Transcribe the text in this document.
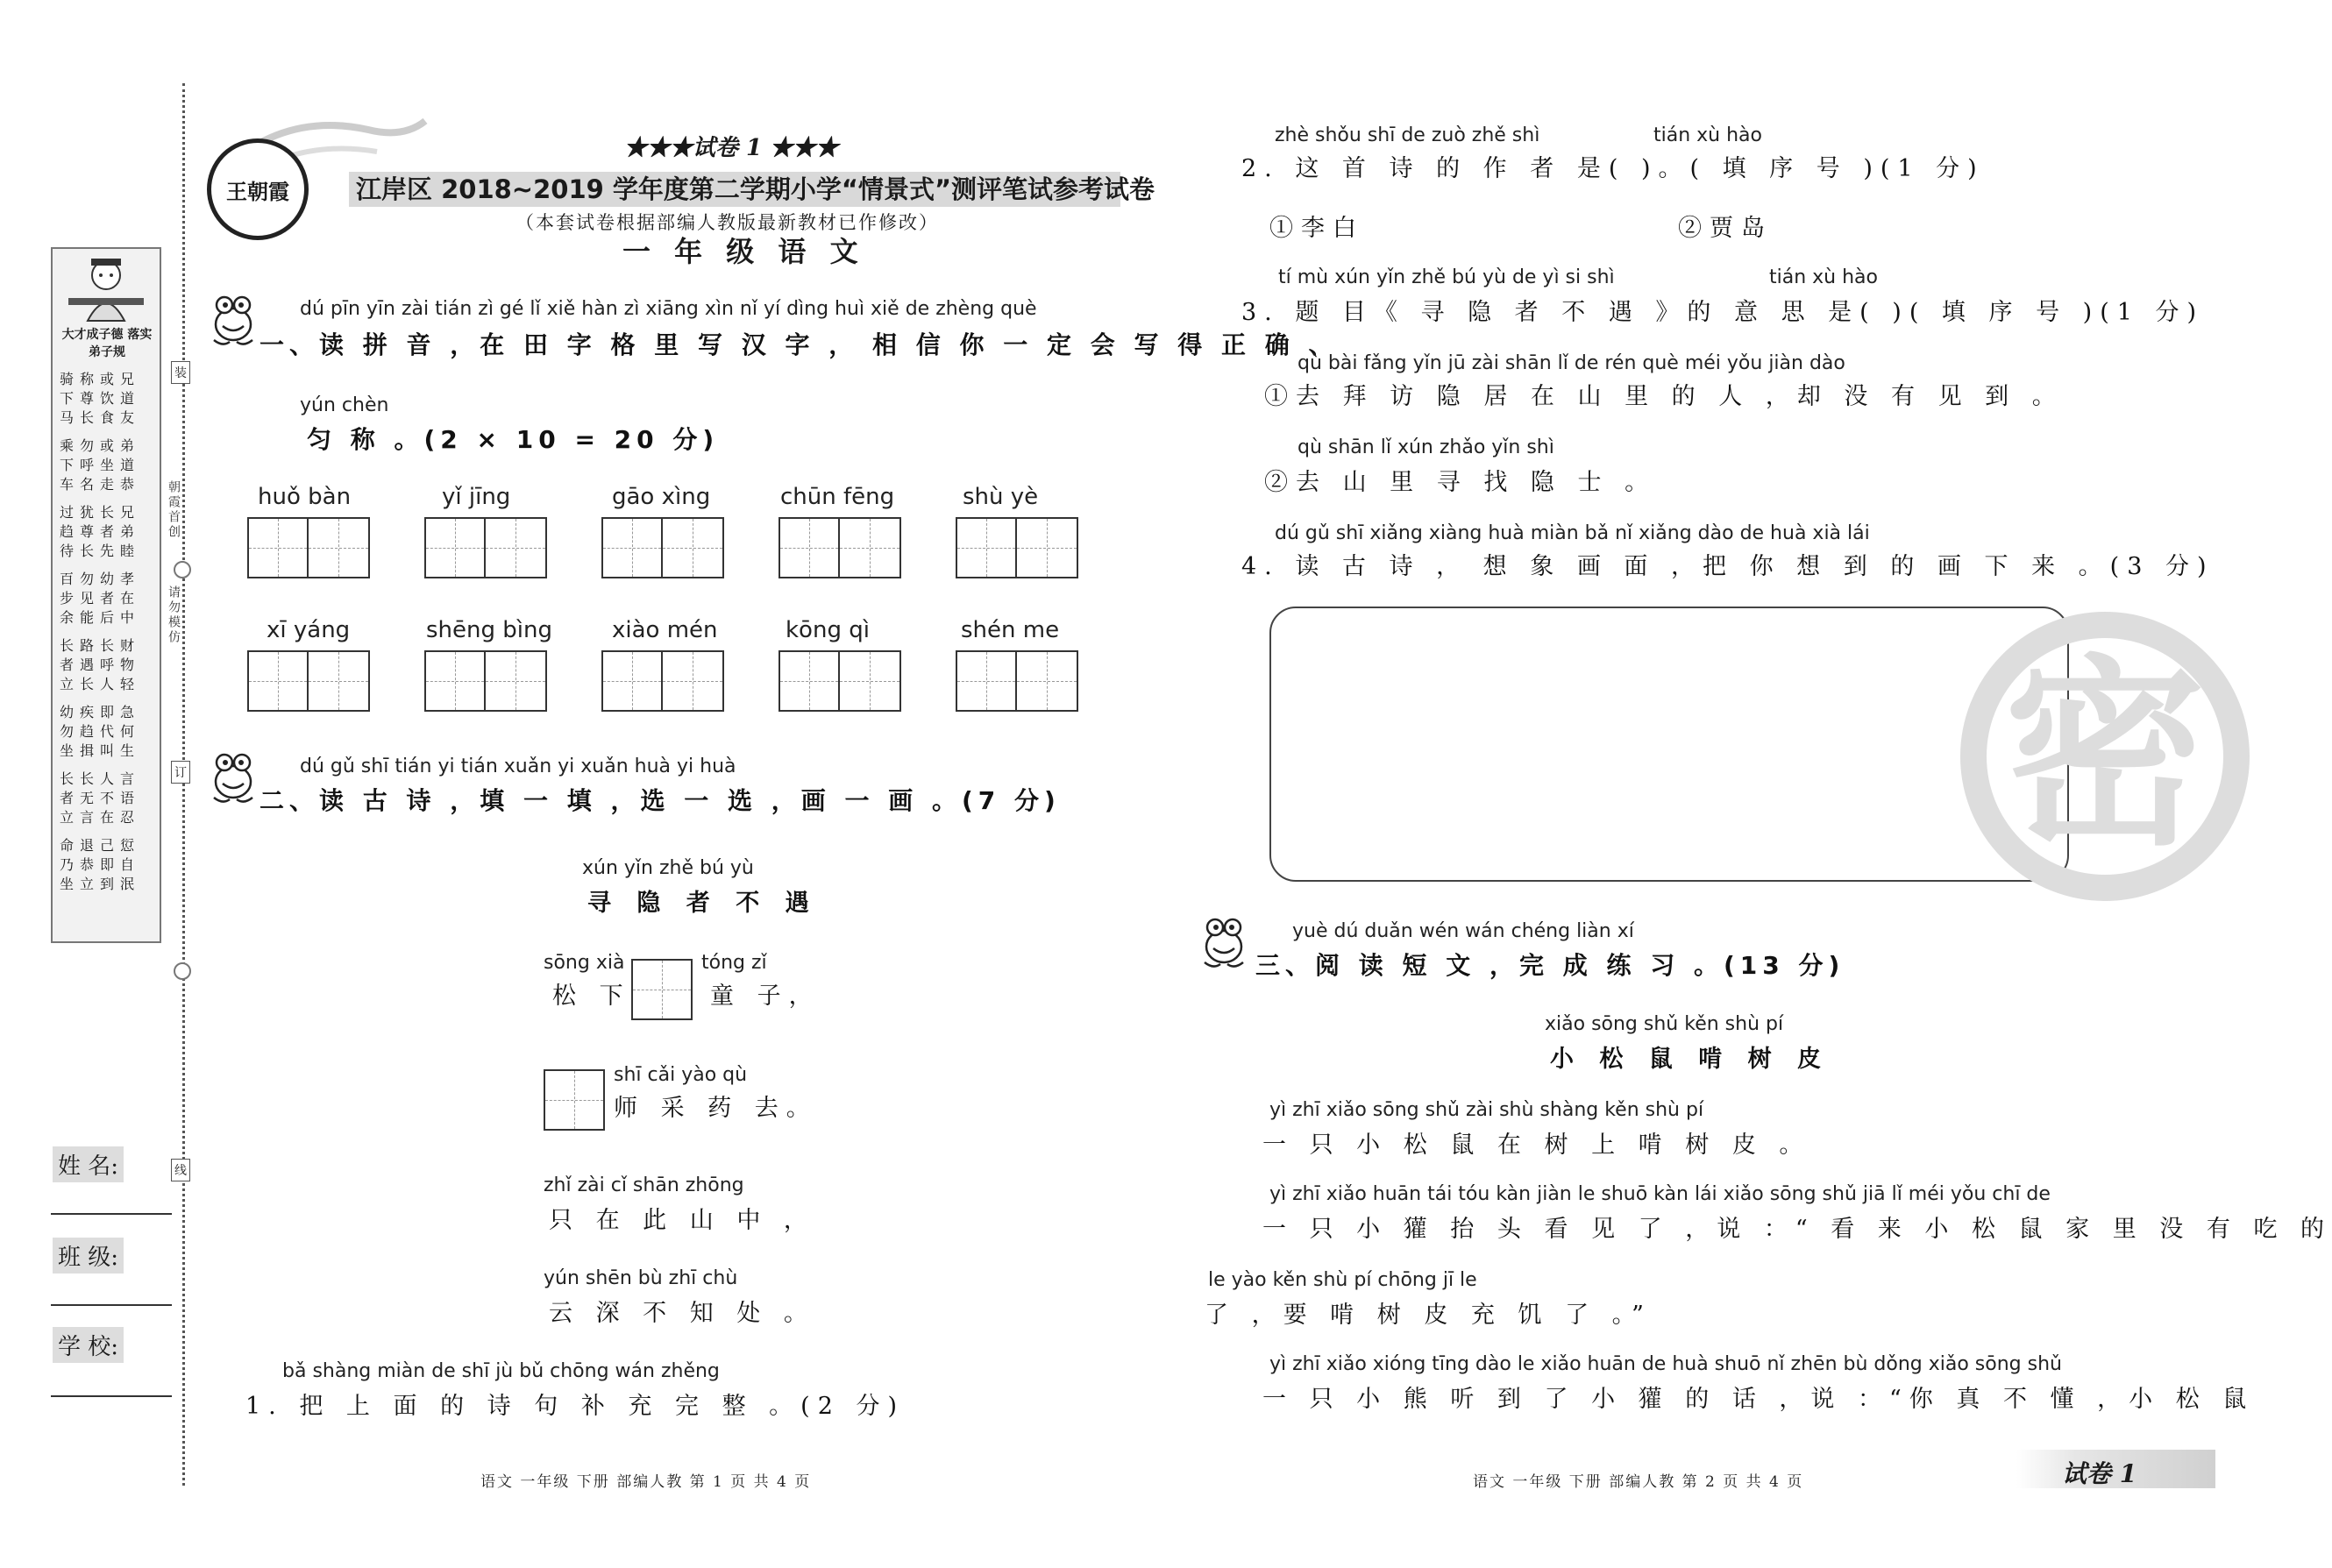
装
订
线
朝霞首创
请勿模仿
大才成子德 落实弟子规
骑称或兄
下尊饮道
马长食友
乘勿或弟
下呼坐道
车名走恭
过犹长兄
趋尊者弟
待长先睦
百勿幼孝
步见者在
余能后中
长路长财
者遇呼物
立长人轻
幼疾即急
勿趋代何
坐揖叫生
长长人言
者无不语
立言在忍
命退己愆
乃恭即自
坐立到泯
姓 名:
班 级:
学 校:
王朝霞
★★★试卷 1 ★★★
江岸区 2018~2019 学年度第二学期小学“情景式”测评笔试参考试卷
（本套试卷根据部编人教版最新教材已作修改）
一 年 级 语 文
dú pīn yīn zài tián zì gé lǐ xiě hàn zì xiāng xìn nǐ yí dìng huì xiě de zhèng què
一、读 拼 音 ，在 田 字 格 里 写 汉 字 ， 相 信 你 一 定 会 写 得 正 确 、
yún chèn
匀 称 。(2 × 10 = 20 分)
huǒ bàn	yǐ jīng	gāo xìng	chūn fēng	shù yè
xī yáng	shēng bìng	xiào mén	kōng qì	shén me
dú gǔ shī tián yi tián xuǎn yi xuǎn huà yi huà
二、读 古 诗 ，填 一 填 ，选 一 选 ，画 一 画 。(7 分)
xún yǐn zhě bú yù
寻 隐 者 不 遇
sōng xià
松 下
tóng zǐ
童 子，
shī cǎi yào qù
师 采 药 去。
zhǐ zài cǐ shān zhōng
只 在 此 山 中 ，
yún shēn bù zhī chù
云 深 不 知 处 。
bǎ shàng miàn de shī jù bǔ chōng wán zhěng
1. 把 上 面 的 诗 句 补 充 完 整 。(2 分)
zhè shǒu shī de zuò zhě shì	tián xù hào
2. 这 首 诗 的 作 者 是( )。( 填 序 号 )(1 分)
①李白	②贾岛
tí mù xún yǐn zhě bú yù de yì si shì	tián xù hào
3. 题 目《 寻 隐 者 不 遇 》的 意 思 是( )( 填 序 号 )(1 分)
qù bài fǎng yǐn jū zài shān lǐ de rén què méi yǒu jiàn dào
①去 拜 访 隐 居 在 山 里 的 人 ，却 没 有 见 到 。
qù shān lǐ xún zhǎo yǐn shì
②去 山 里 寻 找 隐 士 。
dú gǔ shī xiǎng xiàng huà miàn bǎ nǐ xiǎng dào de huà xià lái
4. 读 古 诗 ， 想 象 画 面 ，把 你 想 到 的 画 下 来 。(3 分)
密
yuè dú duǎn wén wán chéng liàn xí
三、阅 读 短 文 ，完 成 练 习 。(13 分)
xiǎo sōng shǔ kěn shù pí
小 松 鼠 啃 树 皮
yì zhī xiǎo sōng shǔ zài shù shàng kěn shù pí
一 只 小 松 鼠 在 树 上 啃 树 皮 。
yì zhī xiǎo huān tái tóu kàn jiàn le shuō kàn lái xiǎo sōng shǔ jiā lǐ méi yǒu chī de
一 只 小 獾 抬 头 看 见 了 ，说 ：“ 看 来 小 松 鼠 家 里 没 有 吃 的
le yào kěn shù pí chōng jī le
了 ，要 啃 树 皮 充 饥 了 。”
yì zhī xiǎo xióng tīng dào le xiǎo huān de huà shuō nǐ zhēn bù dǒng xiǎo sōng shǔ
一 只 小 熊 听 到 了 小 獾 的 话 ，说 ：“你 真 不 懂 ，小 松 鼠
语文 一年级 下册 部编人教 第 1 页 共 4 页	语文 一年级 下册 部编人教 第 2 页 共 4 页	试卷 1
